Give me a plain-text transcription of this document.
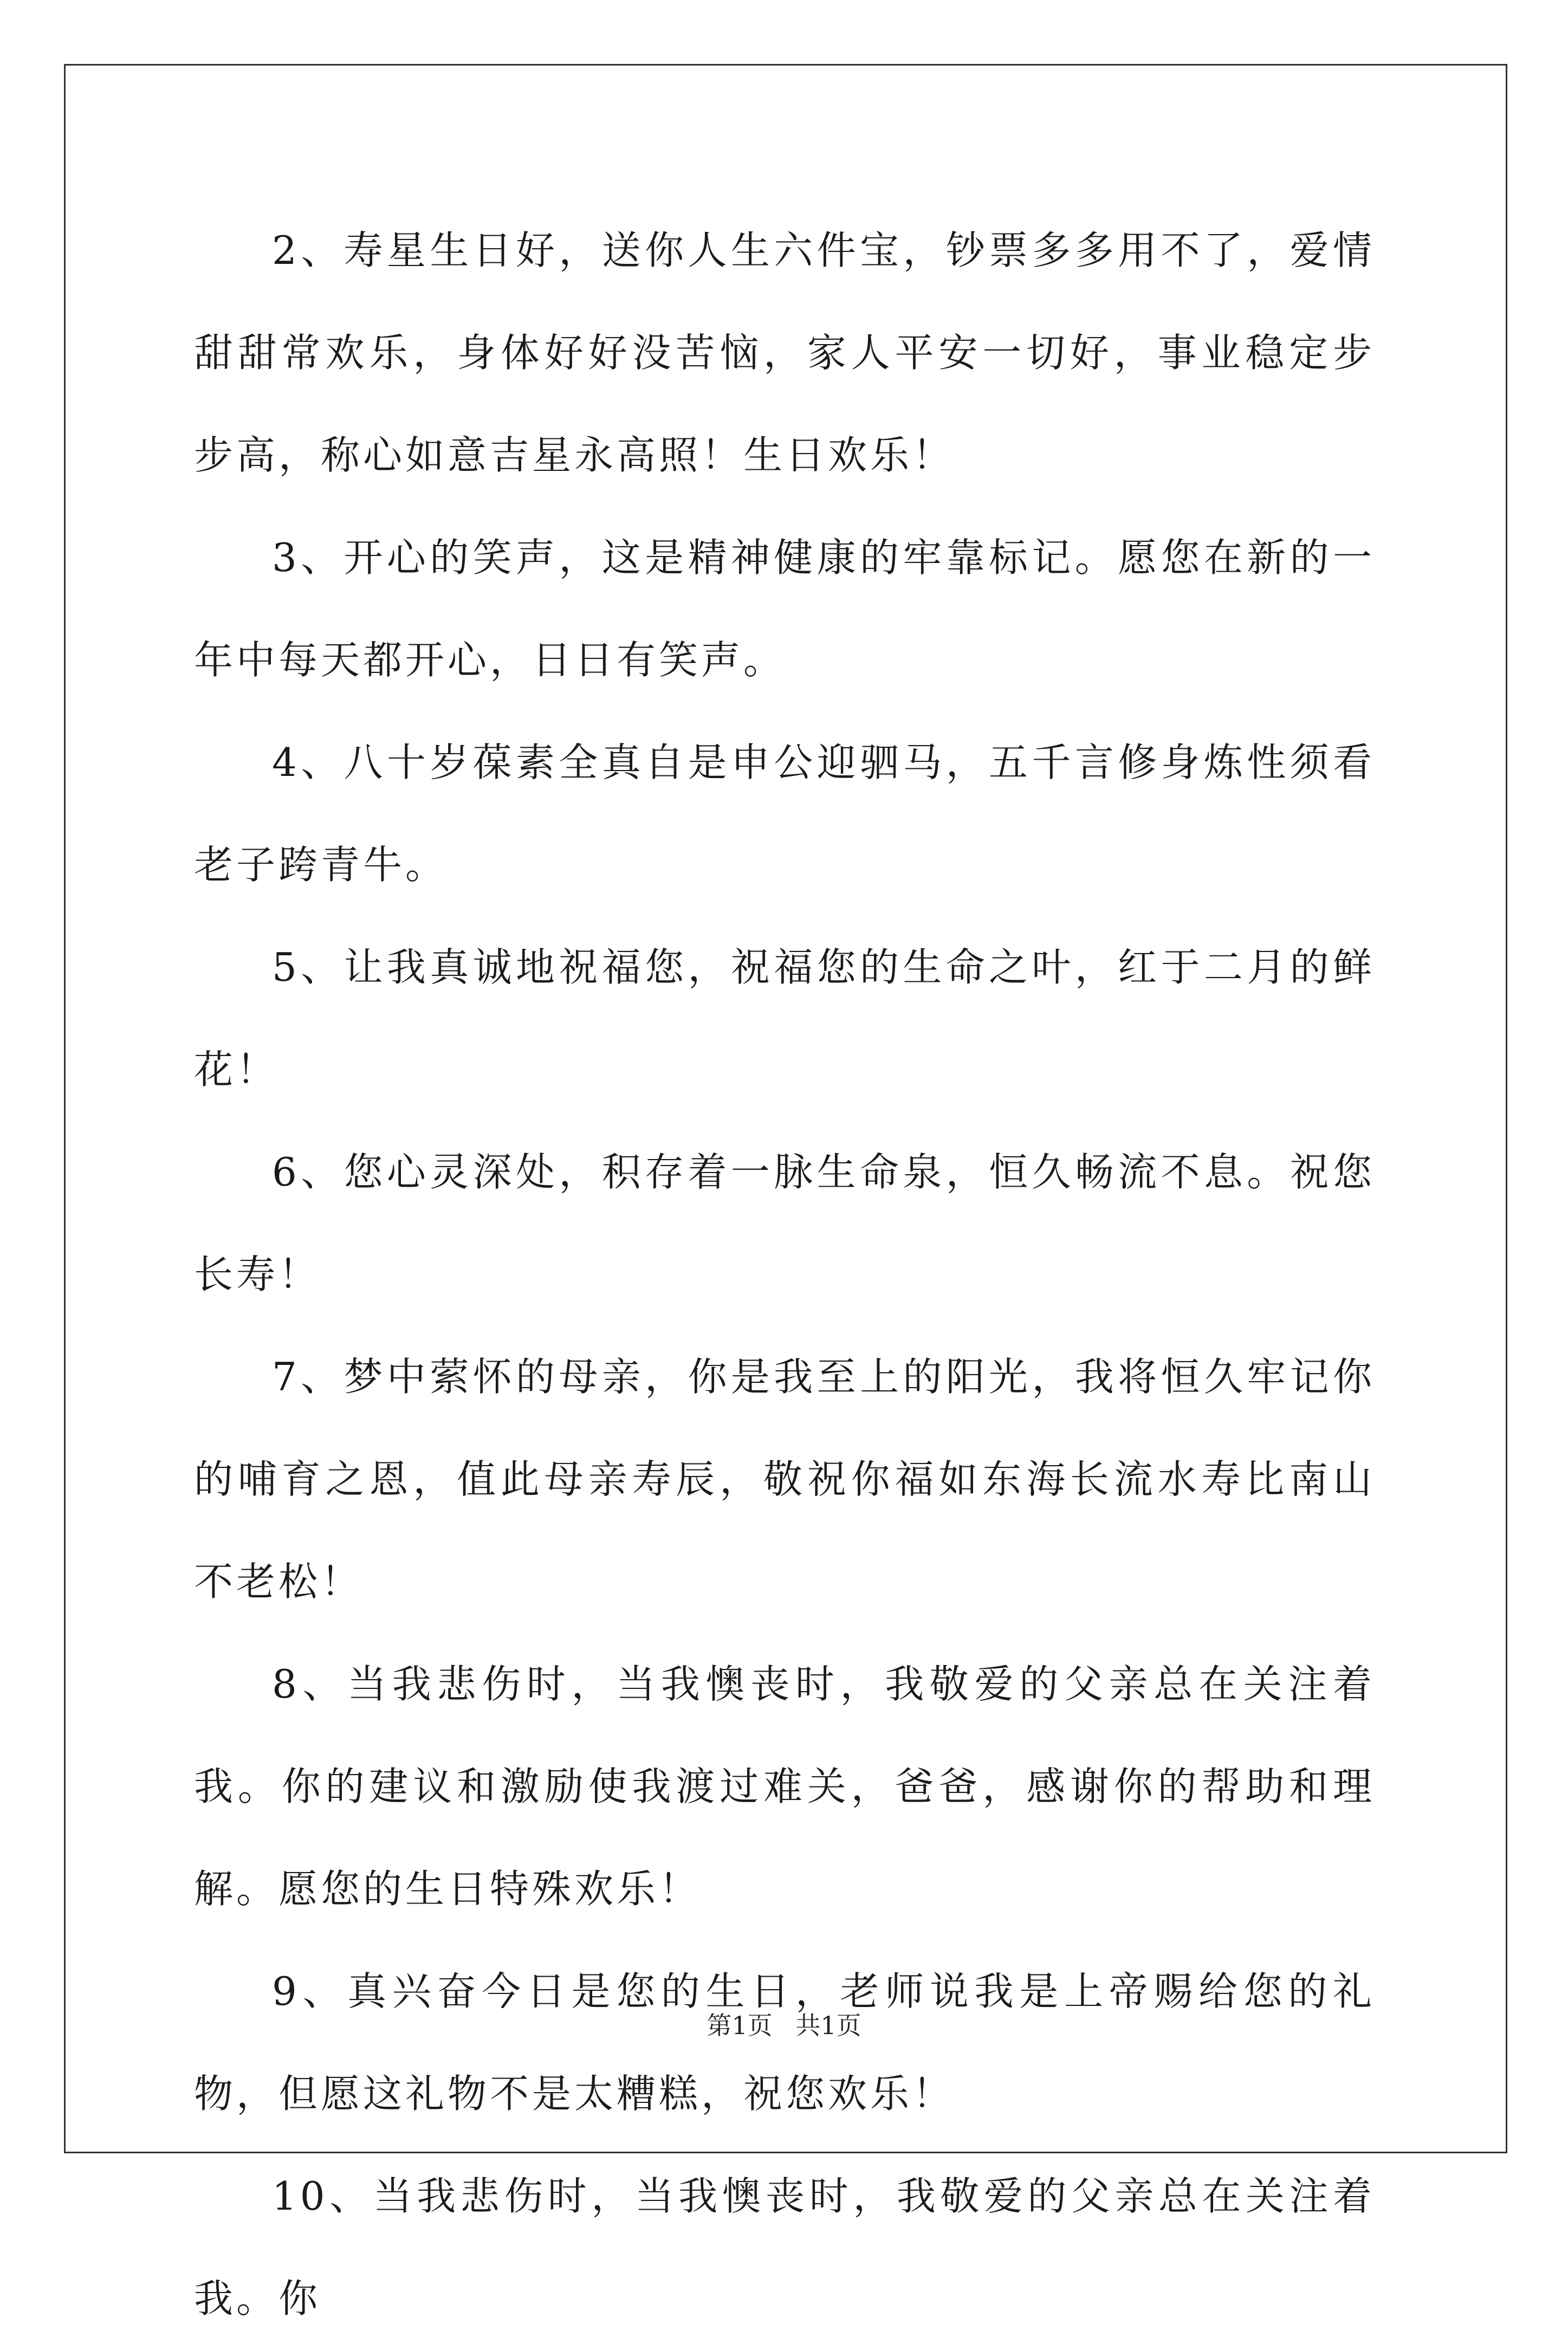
2、寿星生日好，送你人生六件宝，钞票多多用不了，爱情甜甜常欢乐，身体好好没苦恼，家人平安一切好，事业稳定步步高，称心如意吉星永高照！生日欢乐！

3、开心的笑声，这是精神健康的牢靠标记。愿您在新的一年中每天都开心，日日有笑声。

4、八十岁葆素全真自是申公迎驷马，五千言修身炼性须看老子跨青牛。

5、让我真诚地祝福您，祝福您的生命之叶，红于二月的鲜花！

6、您心灵深处，积存着一脉生命泉，恒久畅流不息。祝您长寿！

7、梦中萦怀的母亲，你是我至上的阳光，我将恒久牢记你的哺育之恩，值此母亲寿辰，敬祝你福如东海长流水寿比南山不老松！

8、当我悲伤时，当我懊丧时，我敬爱的父亲总在关注着我。你的建议和激励使我渡过难关，爸爸，感谢你的帮助和理解。愿您的生日特殊欢乐！

9、真兴奋今日是您的生日，老师说我是上帝赐给您的礼物，但愿这礼物不是太糟糕，祝您欢乐！

10、当我悲伤时，当我懊丧时，我敬爱的父亲总在关注着我。你

第1页 共1页
